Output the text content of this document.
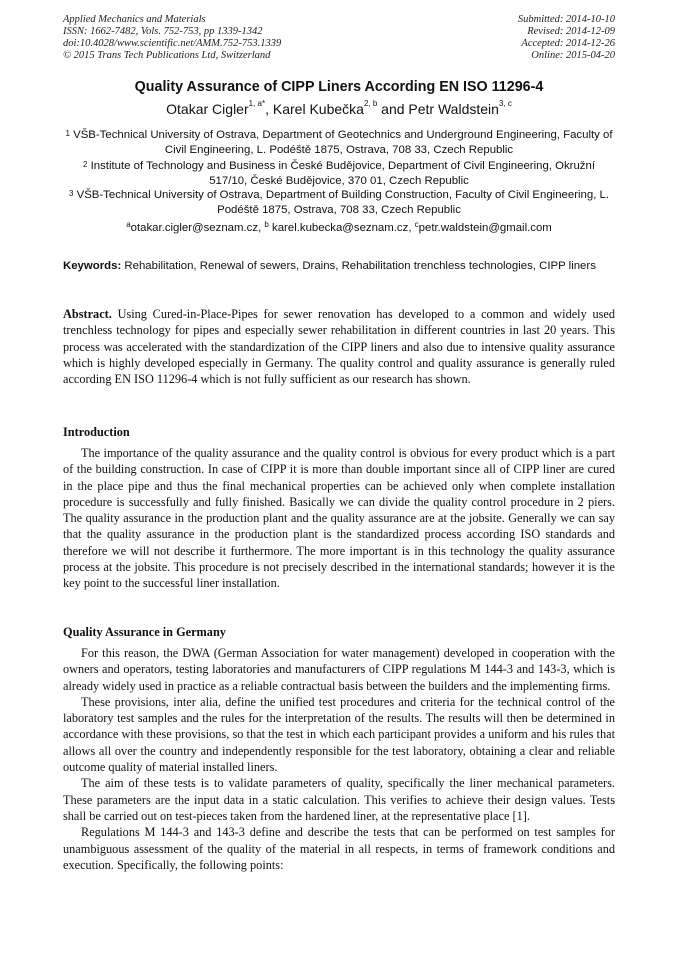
Applied Mechanics and Materials
ISSN: 1662-7482, Vols. 752-753, pp 1339-1342
doi:10.4028/www.scientific.net/AMM.752-753.1339
© 2015 Trans Tech Publications Ltd, Switzerland
Submitted: 2014-10-10
Revised: 2014-12-09
Accepted: 2014-12-26
Online: 2015-04-20
Quality Assurance of CIPP Liners According EN ISO 11296-4
Otakar Cigler$^{1, a*}$, Karel Kubečka$^{2, b}$ and Petr Waldstein$^{3, c}$
$^1$ VŠB-Technical University of Ostrava, Department of Geotechnics and Underground Engineering, Faculty of Civil Engineering, L. Podéště 1875, Ostrava, 708 33, Czech Republic
$^2$ Institute of Technology and Business in České Budějovice, Department of Civil Engineering, Okružní 517/10, České Budějovice, 370 01, Czech Republic
$^3$ VŠB-Technical University of Ostrava, Department of Building Construction, Faculty of Civil Engineering, L. Podéště 1875, Ostrava, 708 33, Czech Republic
$^a$otakar.cigler@seznam.cz, $^b$ karel.kubecka@seznam.cz, $^c$petr.waldstein@gmail.com
Keywords: Rehabilitation, Renewal of sewers, Drains, Rehabilitation trenchless technologies, CIPP liners

Abstract. Using Cured-in-Place-Pipes for sewer renovation has developed to a common and widely used trenchless technology for pipes and especially sewer rehabilitation in different countries in last 20 years. This process was accelerated with the standardization of the CIPP liners and also due to intensive quality assurance which is highly developed especially in Germany. The quality control and quality assurance is generally ruled according EN ISO 11296-4 which is not fully sufficient as our research has shown.

Introduction

The importance of the quality assurance and the quality control is obvious for every product which is a part of the building construction. In case of CIPP it is more than double important since all of CIPP liner are cured in the place pipe and thus the final mechanical properties can be achieved only when complete installation procedure is successfully and fully finished. Basically we can divide the quality control procedure in 2 piers. The quality assurance in the production plant and the quality assurance are at the jobsite. Generally we can say that the quality assurance in the production plant is the standardized process according ISO standards and therefore we will not describe it furthermore. The more important is in this technology the quality assurance process at the jobsite. This procedure is not precisely described in the international standards; however it is the key point to the successful liner installation.

Quality Assurance in Germany

For this reason, the DWA (German Association for water management) developed in cooperation with the owners and operators, testing laboratories and manufacturers of CIPP regulations M 144-3 and 143-3, which is already widely used in practice as a reliable contractual basis between the builders and the implementing firms.

These provisions, inter alia, define the unified test procedures and criteria for the technical control of the laboratory test samples and the rules for the interpretation of the results. The results will then be determined in accordance with these provisions, so that the test in which each participant provides a uniform and his rules that allows all over the country and independently responsible for the test laboratory, obtaining a clear and reliable outcome quality of material installed liners.

The aim of these tests is to validate parameters of quality, specifically the liner mechanical parameters. These parameters are the input data in a static calculation. This verifies to achieve their design values. Tests shall be carried out on test-pieces taken from the hardened liner, at the representative place [1].

Regulations M 144-3 and 143-3 define and describe the tests that can be performed on test samples for unambiguous assessment of the quality of the material in all respects, in terms of framework conditions and execution. Specifically, the following points:
